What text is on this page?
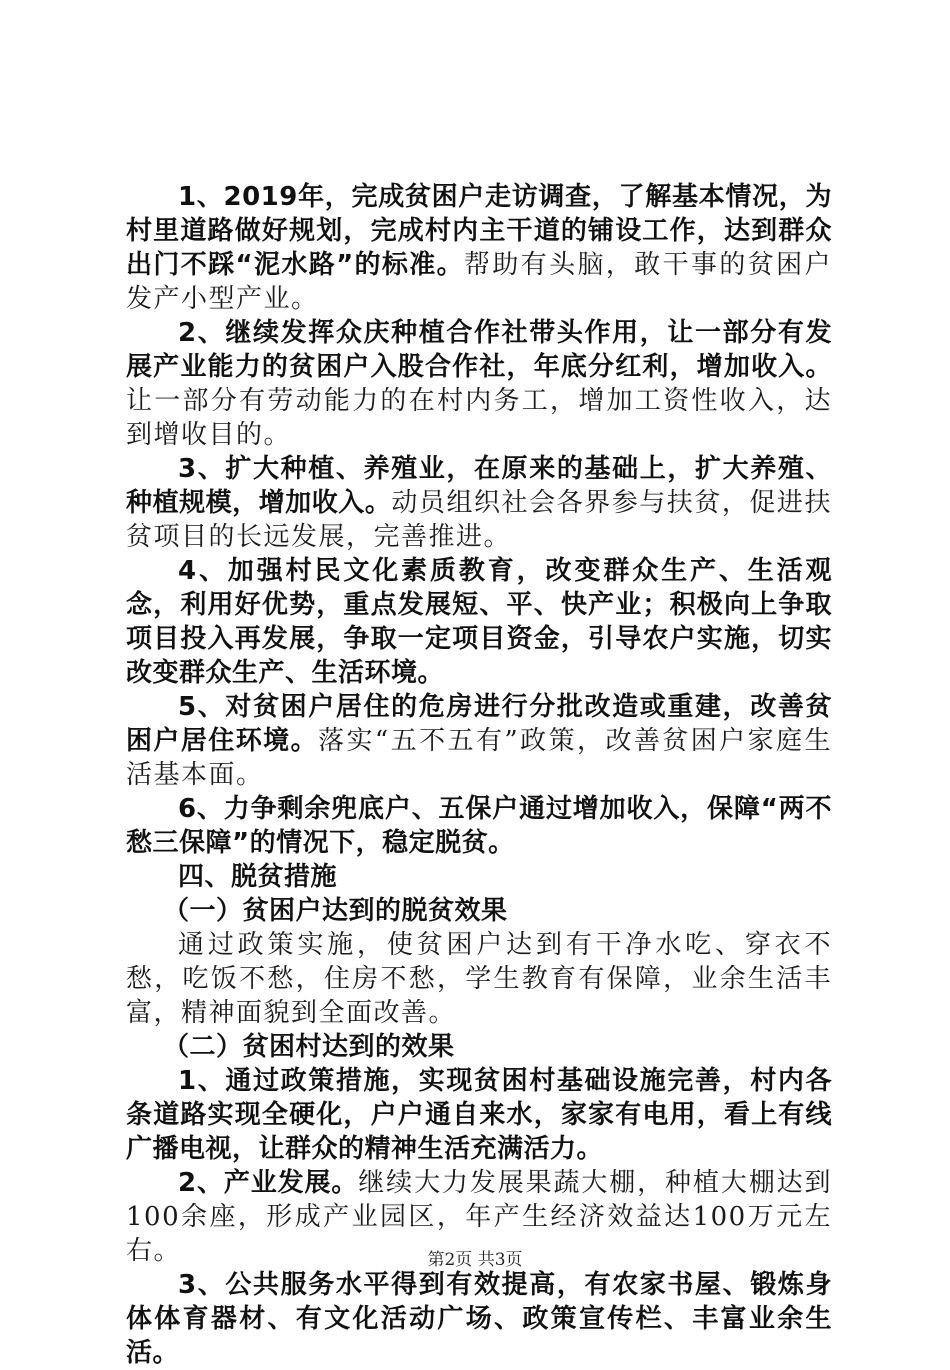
1、2019年，完成贫困户走访调查，了解基本情况，为村里道路做好规划，完成村内主干道的铺设工作，达到群众出门不踩“泥水路”的标准。帮助有头脑，敢干事的贫困户发产小型产业。

2、继续发挥众庆种植合作社带头作用，让一部分有发展产业能力的贫困户入股合作社，年底分红利，增加收入。让一部分有劳动能力的在村内务工，增加工资性收入，达到增收目的。

3、扩大种植、养殖业，在原来的基础上，扩大养殖、种植规模，增加收入。动员组织社会各界参与扶贫，促进扶贫项目的长远发展，完善推进。

4、加强村民文化素质教育，改变群众生产、生活观念，利用好优势，重点发展短、平、快产业；积极向上争取项目投入再发展，争取一定项目资金，引导农户实施，切实改变群众生产、生活环境。

5、对贫困户居住的危房进行分批改造或重建，改善贫困户居住环境。落实“五不五有”政策，改善贫困户家庭生活基本面。

6、力争剩余兜底户、五保户通过增加收入，保障“两不愁三保障”的情况下，稳定脱贫。

四、脱贫措施

（一）贫困户达到的脱贫效果

通过政策实施，使贫困户达到有干净水吃、穿衣不愁，吃饭不愁，住房不愁，学生教育有保障，业余生活丰富，精神面貌到全面改善。

（二）贫困村达到的效果

1、通过政策措施，实现贫困村基础设施完善，村内各条道路实现全硬化，户户通自来水，家家有电用，看上有线广播电视，让群众的精神生活充满活力。

2、产业发展。继续大力发展果蔬大棚，种植大棚达到100余座，形成产业园区，年产生经济效益达100万元左右。

3、公共服务水平得到有效提高，有农家书屋、锻炼身体体育器材、有文化活动广场、政策宣传栏、丰富业余生活。

第2页 共3页
